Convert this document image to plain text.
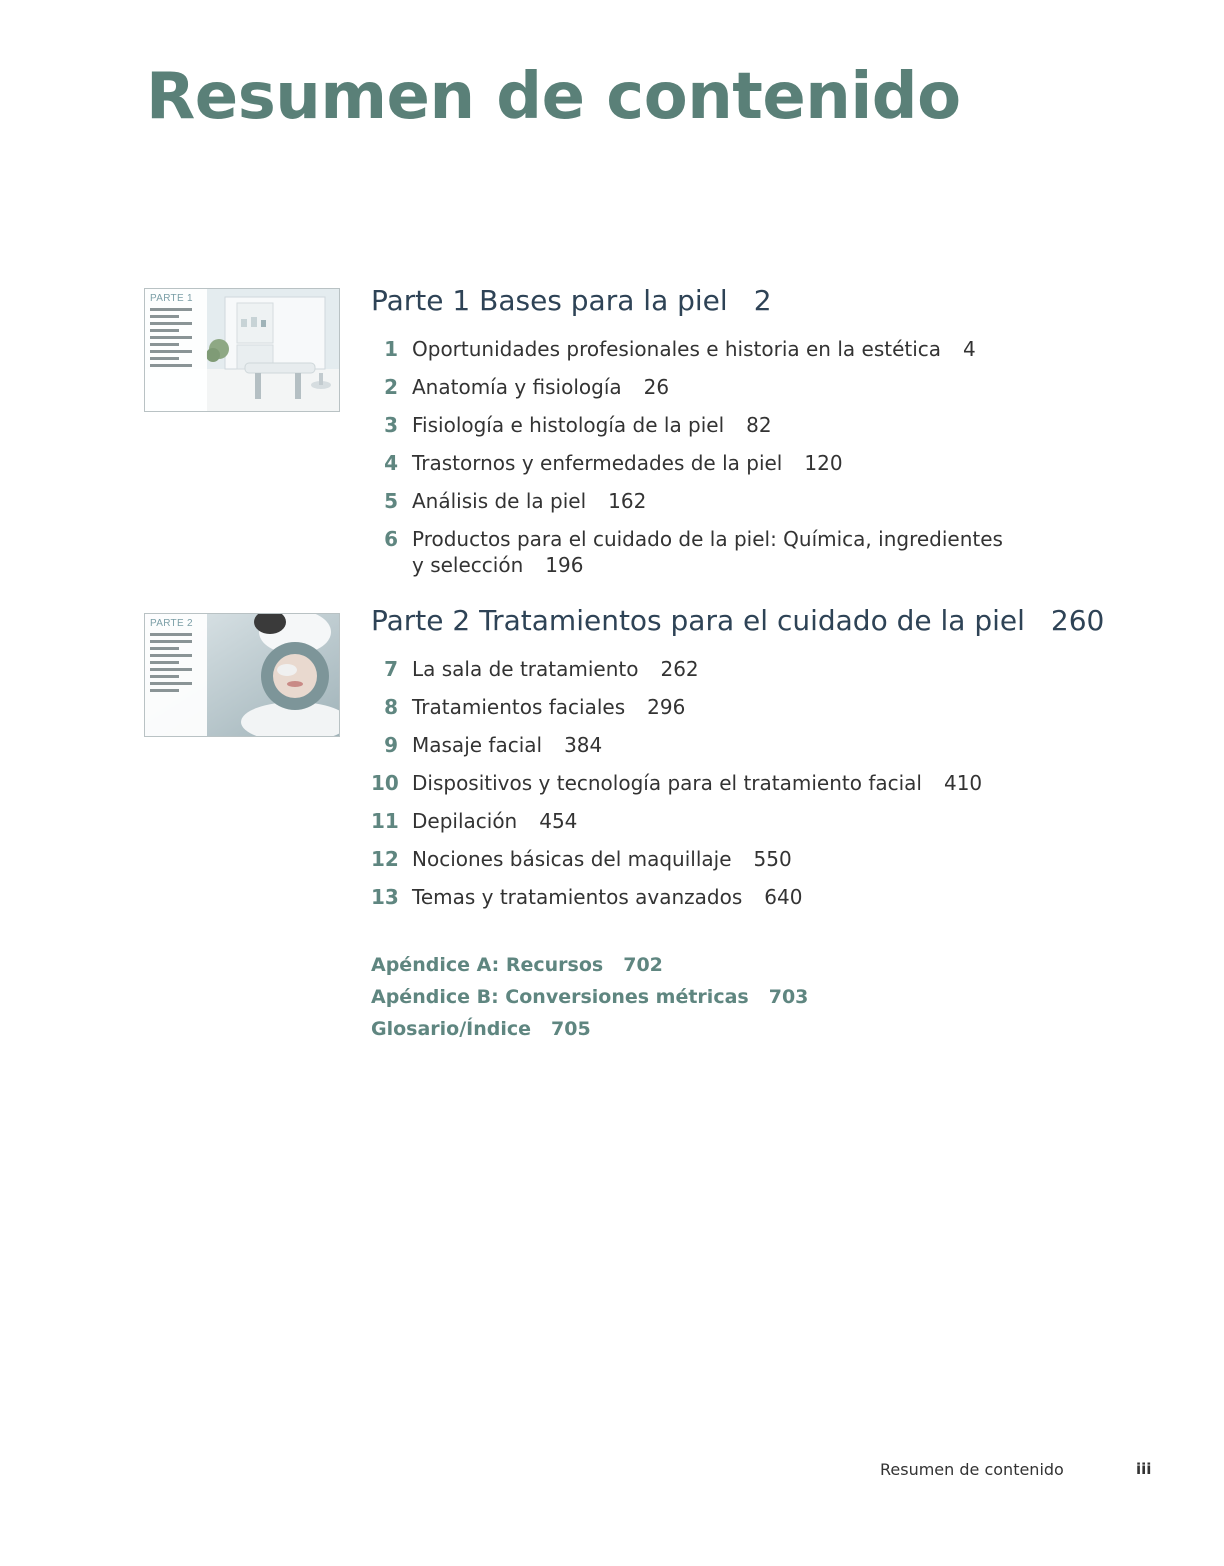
Resumen de contenido
PARTE 1	Parte 1 Bases para la piel 2
1 Oportunidades profesionales e historia en la estética 4
2 Anatomía y fisiología 26
3 Fisiología e histología de la piel 82
4 Trastornos y enfermedades de la piel 120
5 Análisis de la piel 162
6 Productos para el cuidado de la piel: Química, ingredientes
y selección 196
PARTE 2	Parte 2 Tratamientos para el cuidado de la piel 260
7 La sala de tratamiento 262
8 Tratamientos faciales 296
9 Masaje facial 384
10 Dispositivos y tecnología para el tratamiento facial 410
11 Depilación 454
12 Nociones básicas del maquillaje 550
13 Temas y tratamientos avanzados 640
Apéndice A: Recursos 702
Apéndice B: Conversiones métricas 703
Glosario/Índice 705
Resumen de contenido	iii
